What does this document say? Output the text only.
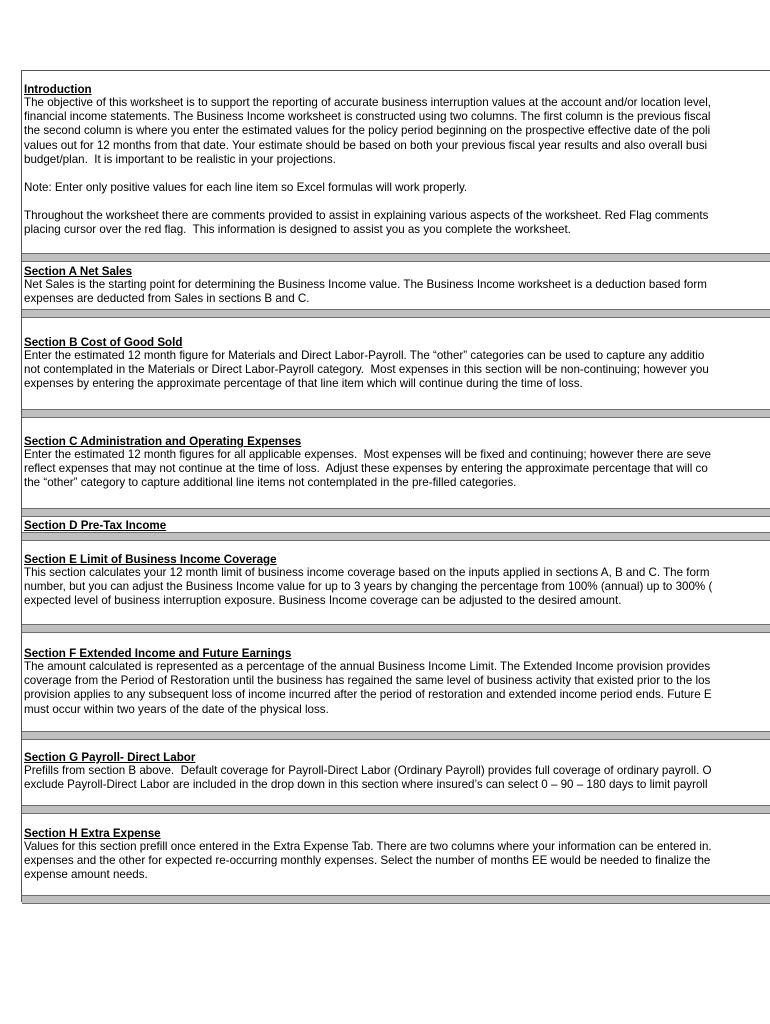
Introduction
The objective of this worksheet is to support the reporting of accurate business interruption values at the account and/or location level,
financial income statements. The Business Income worksheet is constructed using two columns. The first column is the previous fiscal
the second column is where you enter the estimated values for the policy period beginning on the prospective effective date of the poli
values out for 12 months from that date. Your estimate should be based on both your previous fiscal year results and also overall busi
budget/plan.  It is important to be realistic in your projections.
Note: Enter only positive values for each line item so Excel formulas will work properly.
Throughout the worksheet there are comments provided to assist in explaining various aspects of the worksheet. Red Flag comments
placing cursor over the red flag.  This information is designed to assist you as you complete the worksheet.
Section A Net Sales
Net Sales is the starting point for determining the Business Income value. The Business Income worksheet is a deduction based form
expenses are deducted from Sales in sections B and C.
Section B Cost of Good Sold
Enter the estimated 12 month figure for Materials and Direct Labor-Payroll. The “other” categories can be used to capture any additio
not contemplated in the Materials or Direct Labor-Payroll category.  Most expenses in this section will be non-continuing; however you
expenses by entering the approximate percentage of that line item which will continue during the time of loss.
Section C Administration and Operating Expenses
Enter the estimated 12 month figures for all applicable expenses.  Most expenses will be fixed and continuing; however there are seve
reflect expenses that may not continue at the time of loss.  Adjust these expenses by entering the approximate percentage that will co
the “other” category to capture additional line items not contemplated in the pre-filled categories.
Section D Pre-Tax Income
Section E Limit of Business Income Coverage
This section calculates your 12 month limit of business income coverage based on the inputs applied in sections A, B and C. The form
number, but you can adjust the Business Income value for up to 3 years by changing the percentage from 100% (annual) up to 300% (
expected level of business interruption exposure. Business Income coverage can be adjusted to the desired amount.
Section F Extended Income and Future Earnings
The amount calculated is represented as a percentage of the annual Business Income Limit. The Extended Income provision provides
coverage from the Period of Restoration until the business has regained the same level of business activity that existed prior to the los
provision applies to any subsequent loss of income incurred after the period of restoration and extended income period ends. Future E
must occur within two years of the date of the physical loss.
Section G Payroll- Direct Labor
Prefills from section B above.  Default coverage for Payroll-Direct Labor (Ordinary Payroll) provides full coverage of ordinary payroll. O
exclude Payroll-Direct Labor are included in the drop down in this section where insured’s can select 0 – 90 – 180 days to limit payroll
Section H Extra Expense
Values for this section prefill once entered in the Extra Expense Tab. There are two columns where your information can be entered in.
expenses and the other for expected re-occurring monthly expenses. Select the number of months EE would be needed to finalize the
expense amount needs.
